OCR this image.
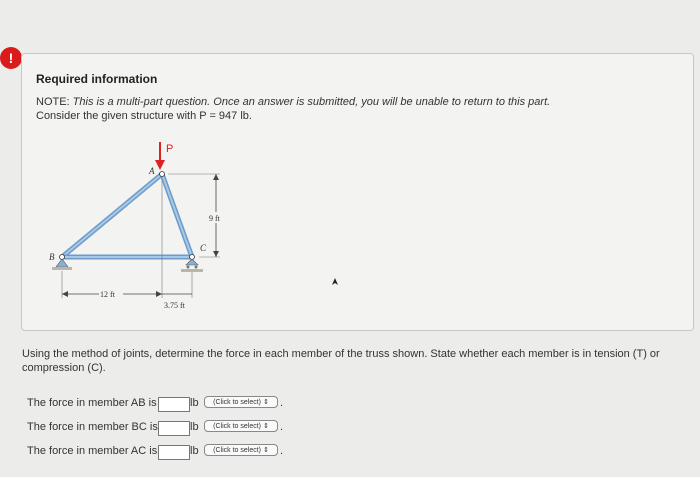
!
Required information
NOTE: This is a multi-part question. Once an answer is submitted, you will be unable to return to this part.
Consider the given structure with P = 947 lb.
P
A
B
C
9 ft
12 ft
3.75 ft
Using the method of joints, determine the force in each member of the truss shown. State whether each member is in tension (T) or compression (C).
The force in member AB is	lb	(Click to select) ⇕	.
The force in member BC is	lb	(Click to select) ⇕	.
The force in member AC is	lb	(Click to select) ⇕	.
